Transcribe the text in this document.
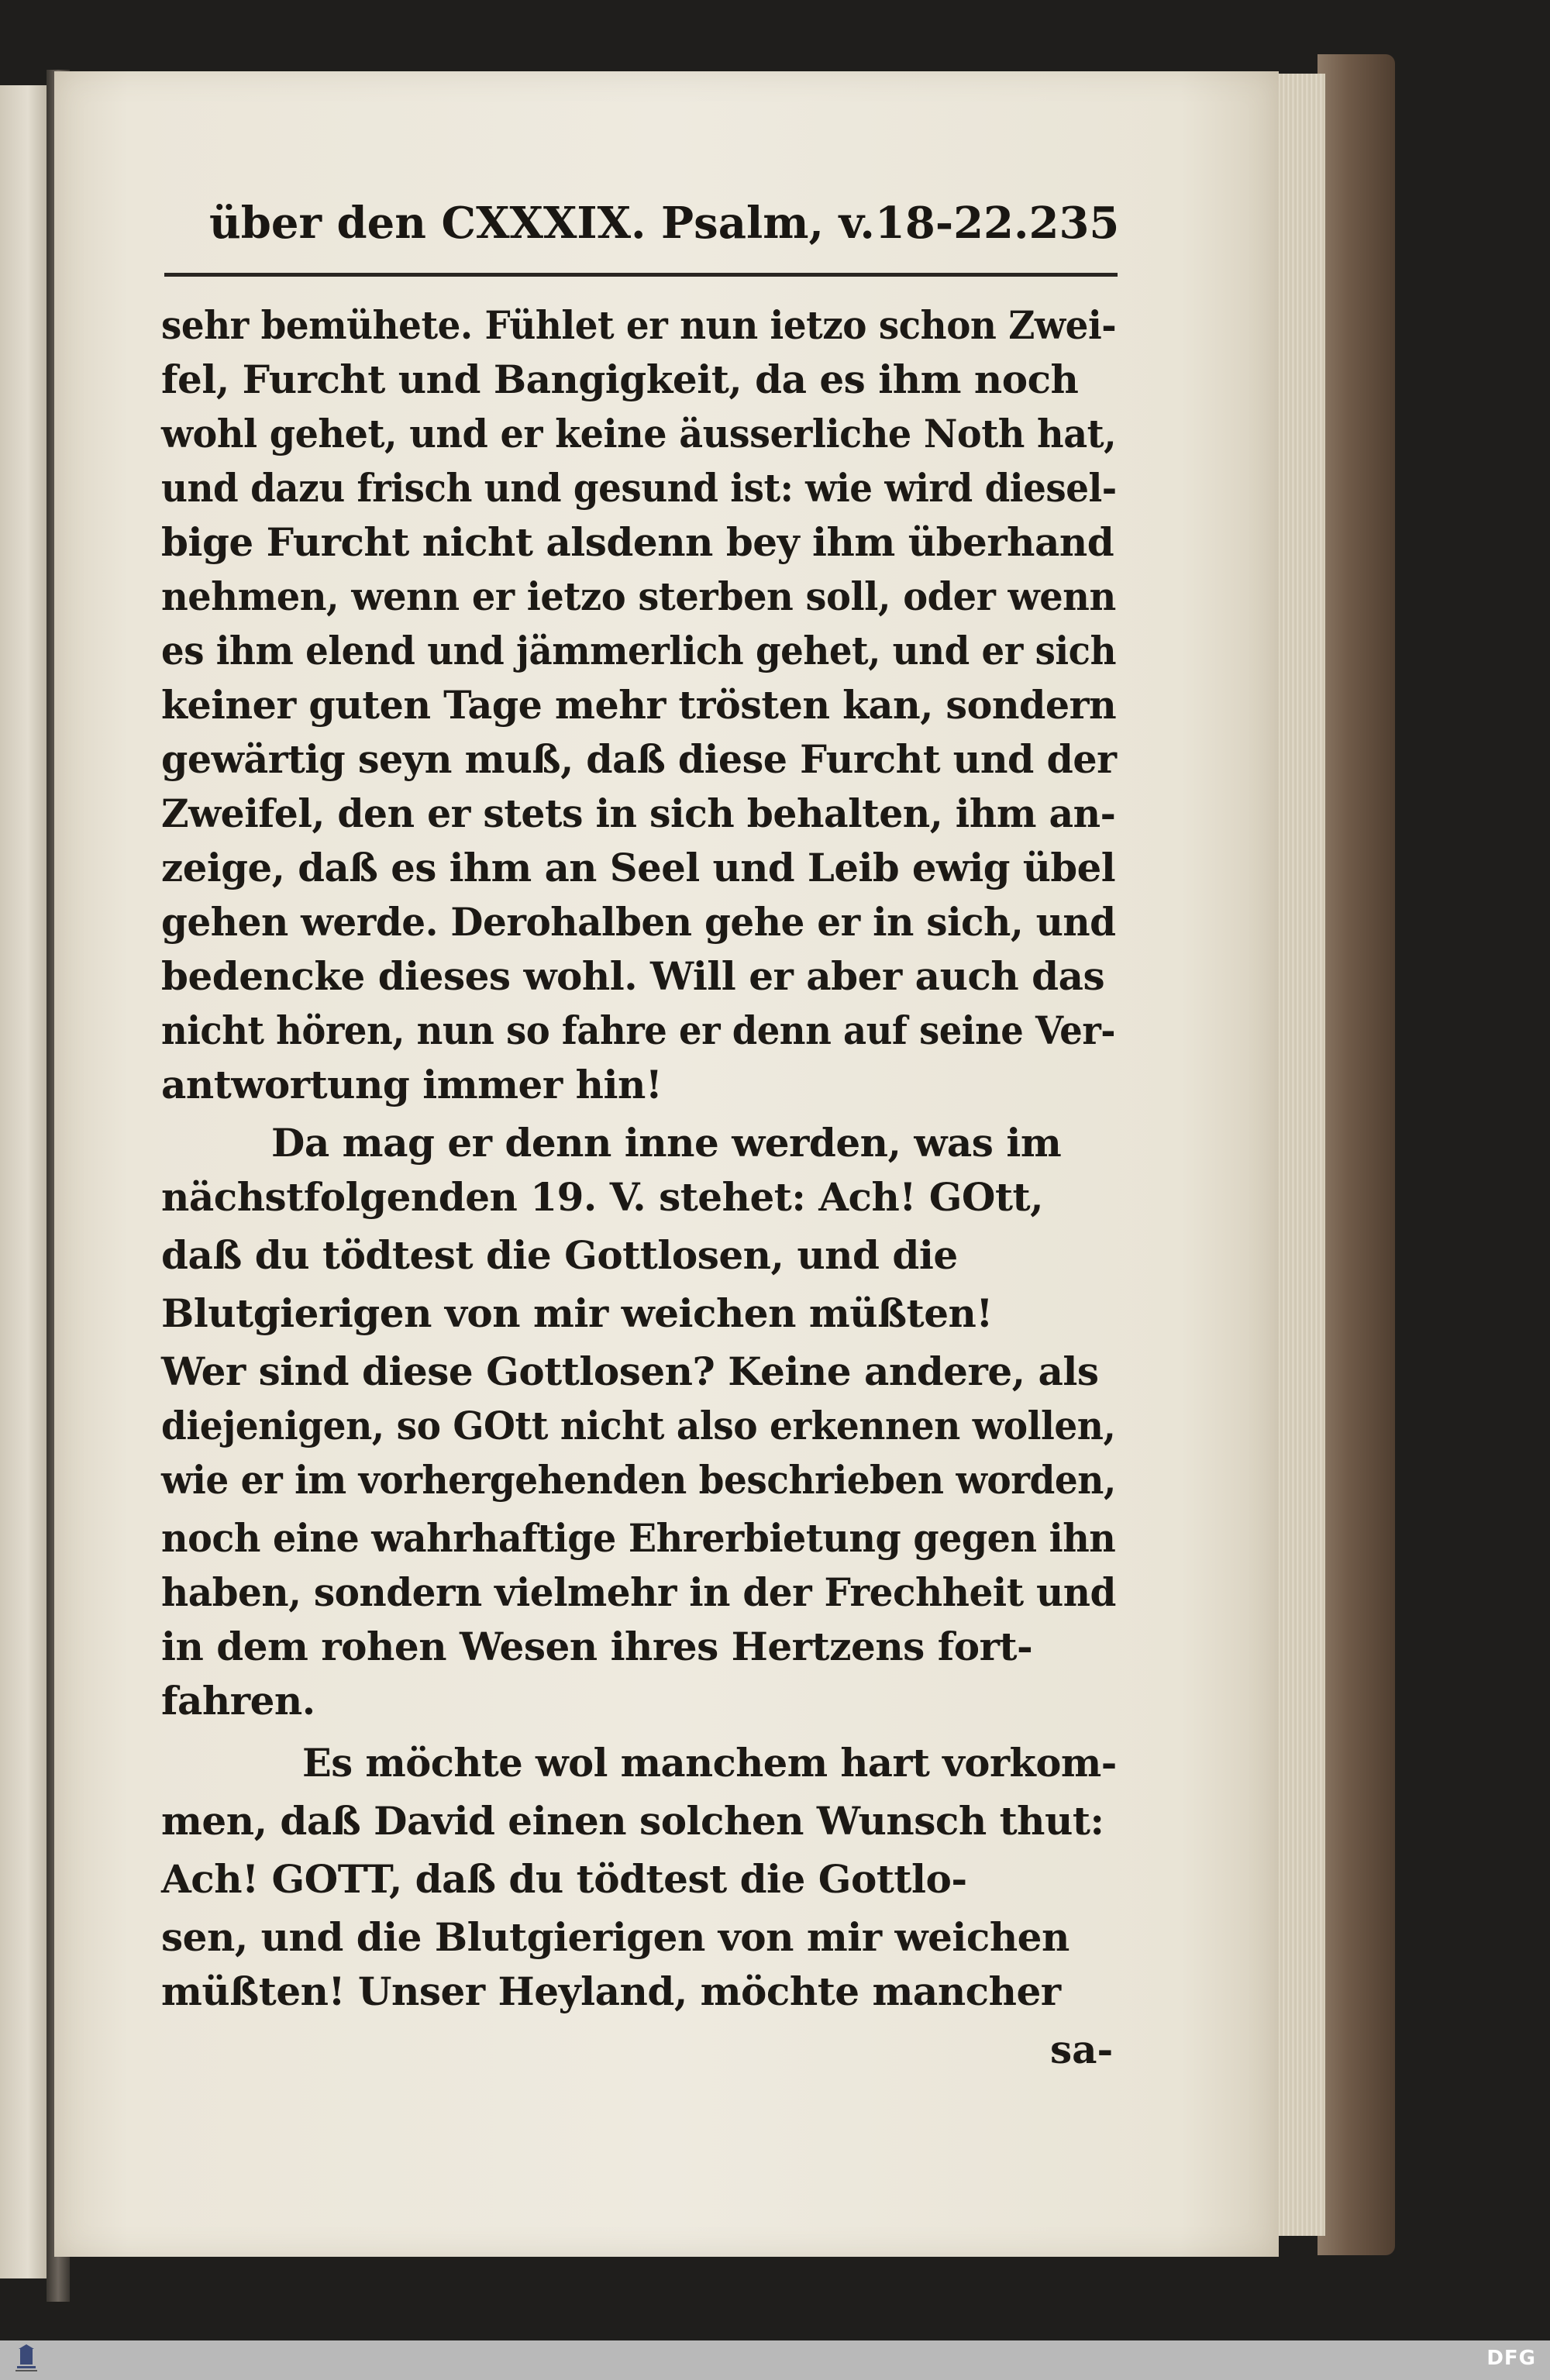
über den CXXXIX. Psalm, v.18-22. 235
sehr bemühete. Fühlet er nun ietzo schon Zwei-
fel, Furcht und Bangigkeit, da es ihm noch
wohl gehet, und er keine äusserliche Noth hat,
und dazu frisch und gesund ist: wie wird diesel-
bige Furcht nicht alsdenn bey ihm überhand
nehmen, wenn er ietzo sterben soll, oder wenn
es ihm elend und jämmerlich gehet, und er sich
keiner guten Tage mehr trösten kan, sondern
gewärtig seyn muß, daß diese Furcht und der
Zweifel, den er stets in sich behalten, ihm an-
zeige, daß es ihm an Seel und Leib ewig übel
gehen werde. Derohalben gehe er in sich, und
bedencke dieses wohl. Will er aber auch das
nicht hören, nun so fahre er denn auf seine Ver-
antwortung immer hin!
Da mag er denn inne werden, was im
nächstfolgenden 19. V. stehet: Ach! GOtt,
daß du tödtest die Gottlosen, und die
Blutgierigen von mir weichen müßten!
Wer sind diese Gottlosen? Keine andere, als
diejenigen, so GOtt nicht also erkennen wollen,
wie er im vorhergehenden beschrieben worden,
noch eine wahrhaftige Ehrerbietung gegen ihn
haben, sondern vielmehr in der Frechheit und
in dem rohen Wesen ihres Hertzens fort-
fahren.
Es möchte wol manchem hart vorkom-
men, daß David einen solchen Wunsch thut:
Ach! GOTT, daß du tödtest die Gottlo-
sen, und die Blutgierigen von mir weichen
müßten! Unser Heyland, möchte mancher
sa-
DFG
